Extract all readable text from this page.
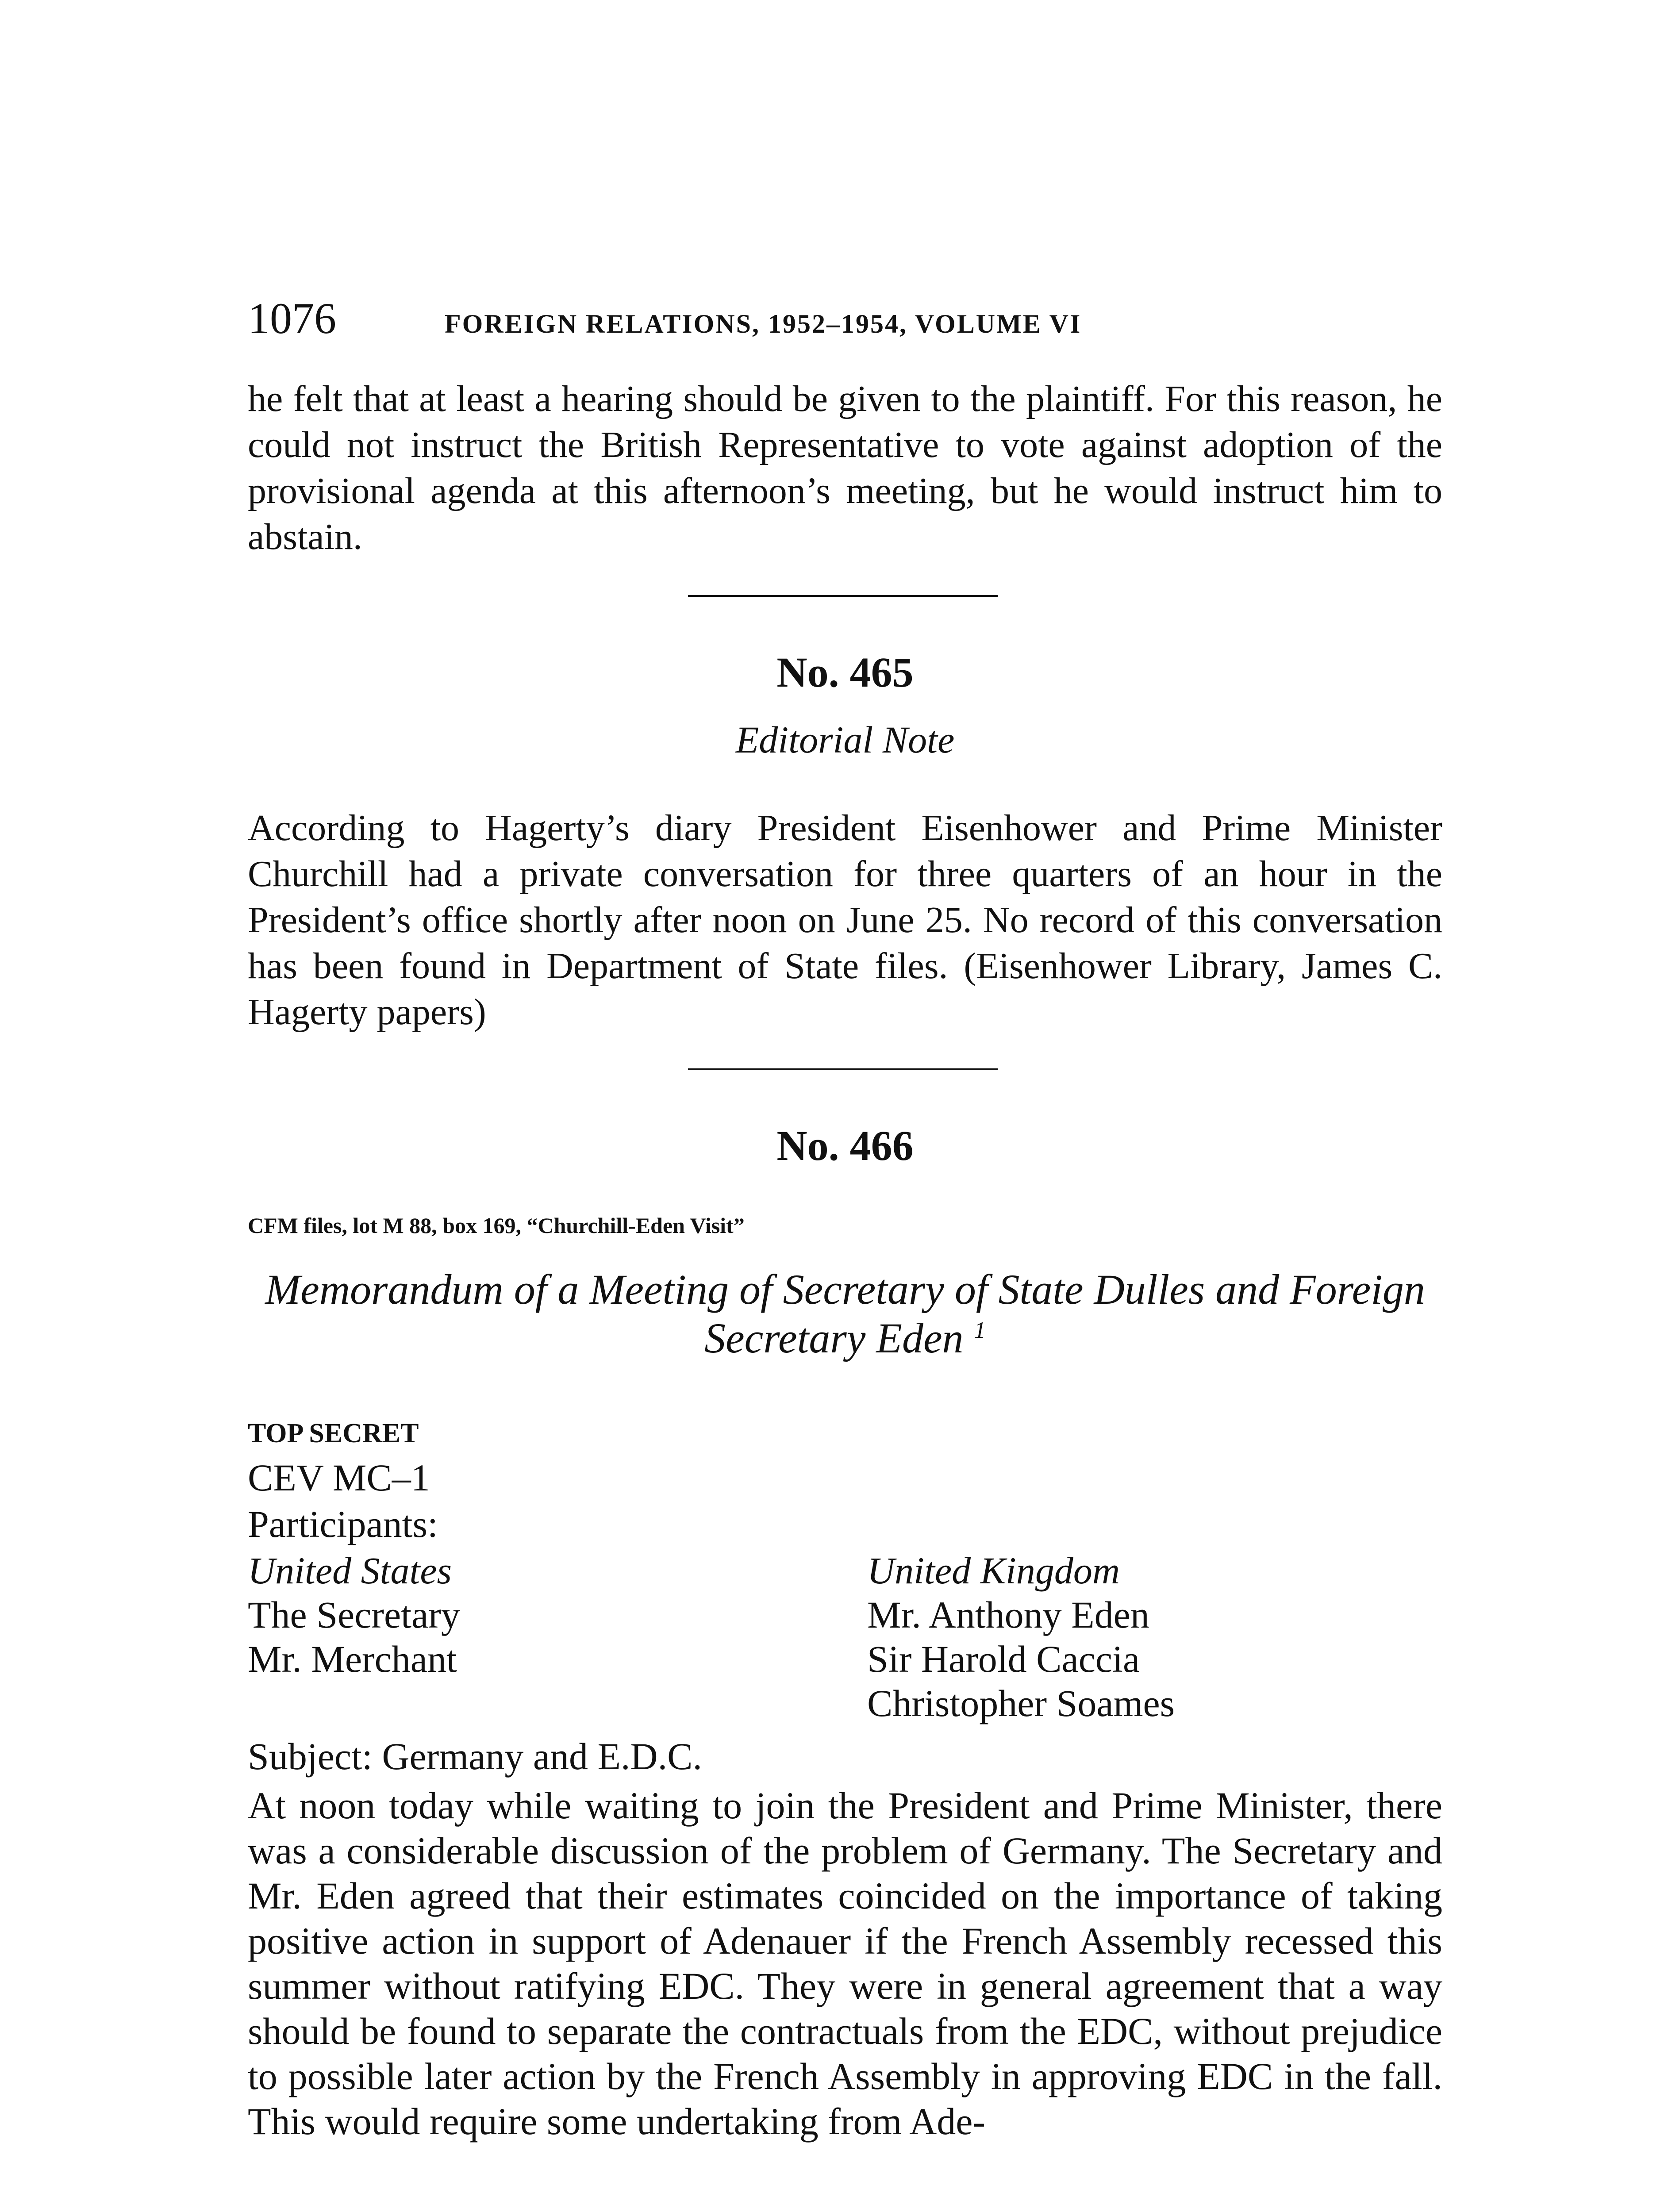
1076	FOREIGN RELATIONS, 1952–1954, VOLUME VI

he felt that at least a hearing should be given to the plaintiff. For this reason, he could not instruct the British Representative to vote against adoption of the provisional agenda at this afternoon’s meeting, but he would instruct him to abstain.

No. 465
Editorial Note

According to Hagerty’s diary President Eisenhower and Prime Minister Churchill had a private conversation for three quarters of an hour in the President’s office shortly after noon on June 25. No record of this conversation has been found in Department of State files. (Eisenhower Library, James C. Hagerty papers)

No. 466
CFM files, lot M 88, box 169, “Churchill-Eden Visit”
Memorandum of a Meeting of Secretary of State Dulles and Foreign
Secretary Eden $^1$
TOP SECRET
CEV MC–1
Participants:
United States
The Secretary
Mr. Merchant
United Kingdom
Mr. Anthony Eden
Sir Harold Caccia
Christopher Soames
Subject: Germany and E.D.C.

At noon today while waiting to join the President and Prime Minister, there was a considerable discussion of the problem of Germany. The Secretary and Mr. Eden agreed that their estimates coincided on the importance of taking positive action in support of Adenauer if the French Assembly recessed this summer without ratifying EDC. They were in general agreement that a way should be found to separate the contractuals from the EDC, without prejudice to possible later action by the French Assembly in approving EDC in the fall. This would require some undertaking from Ade-
